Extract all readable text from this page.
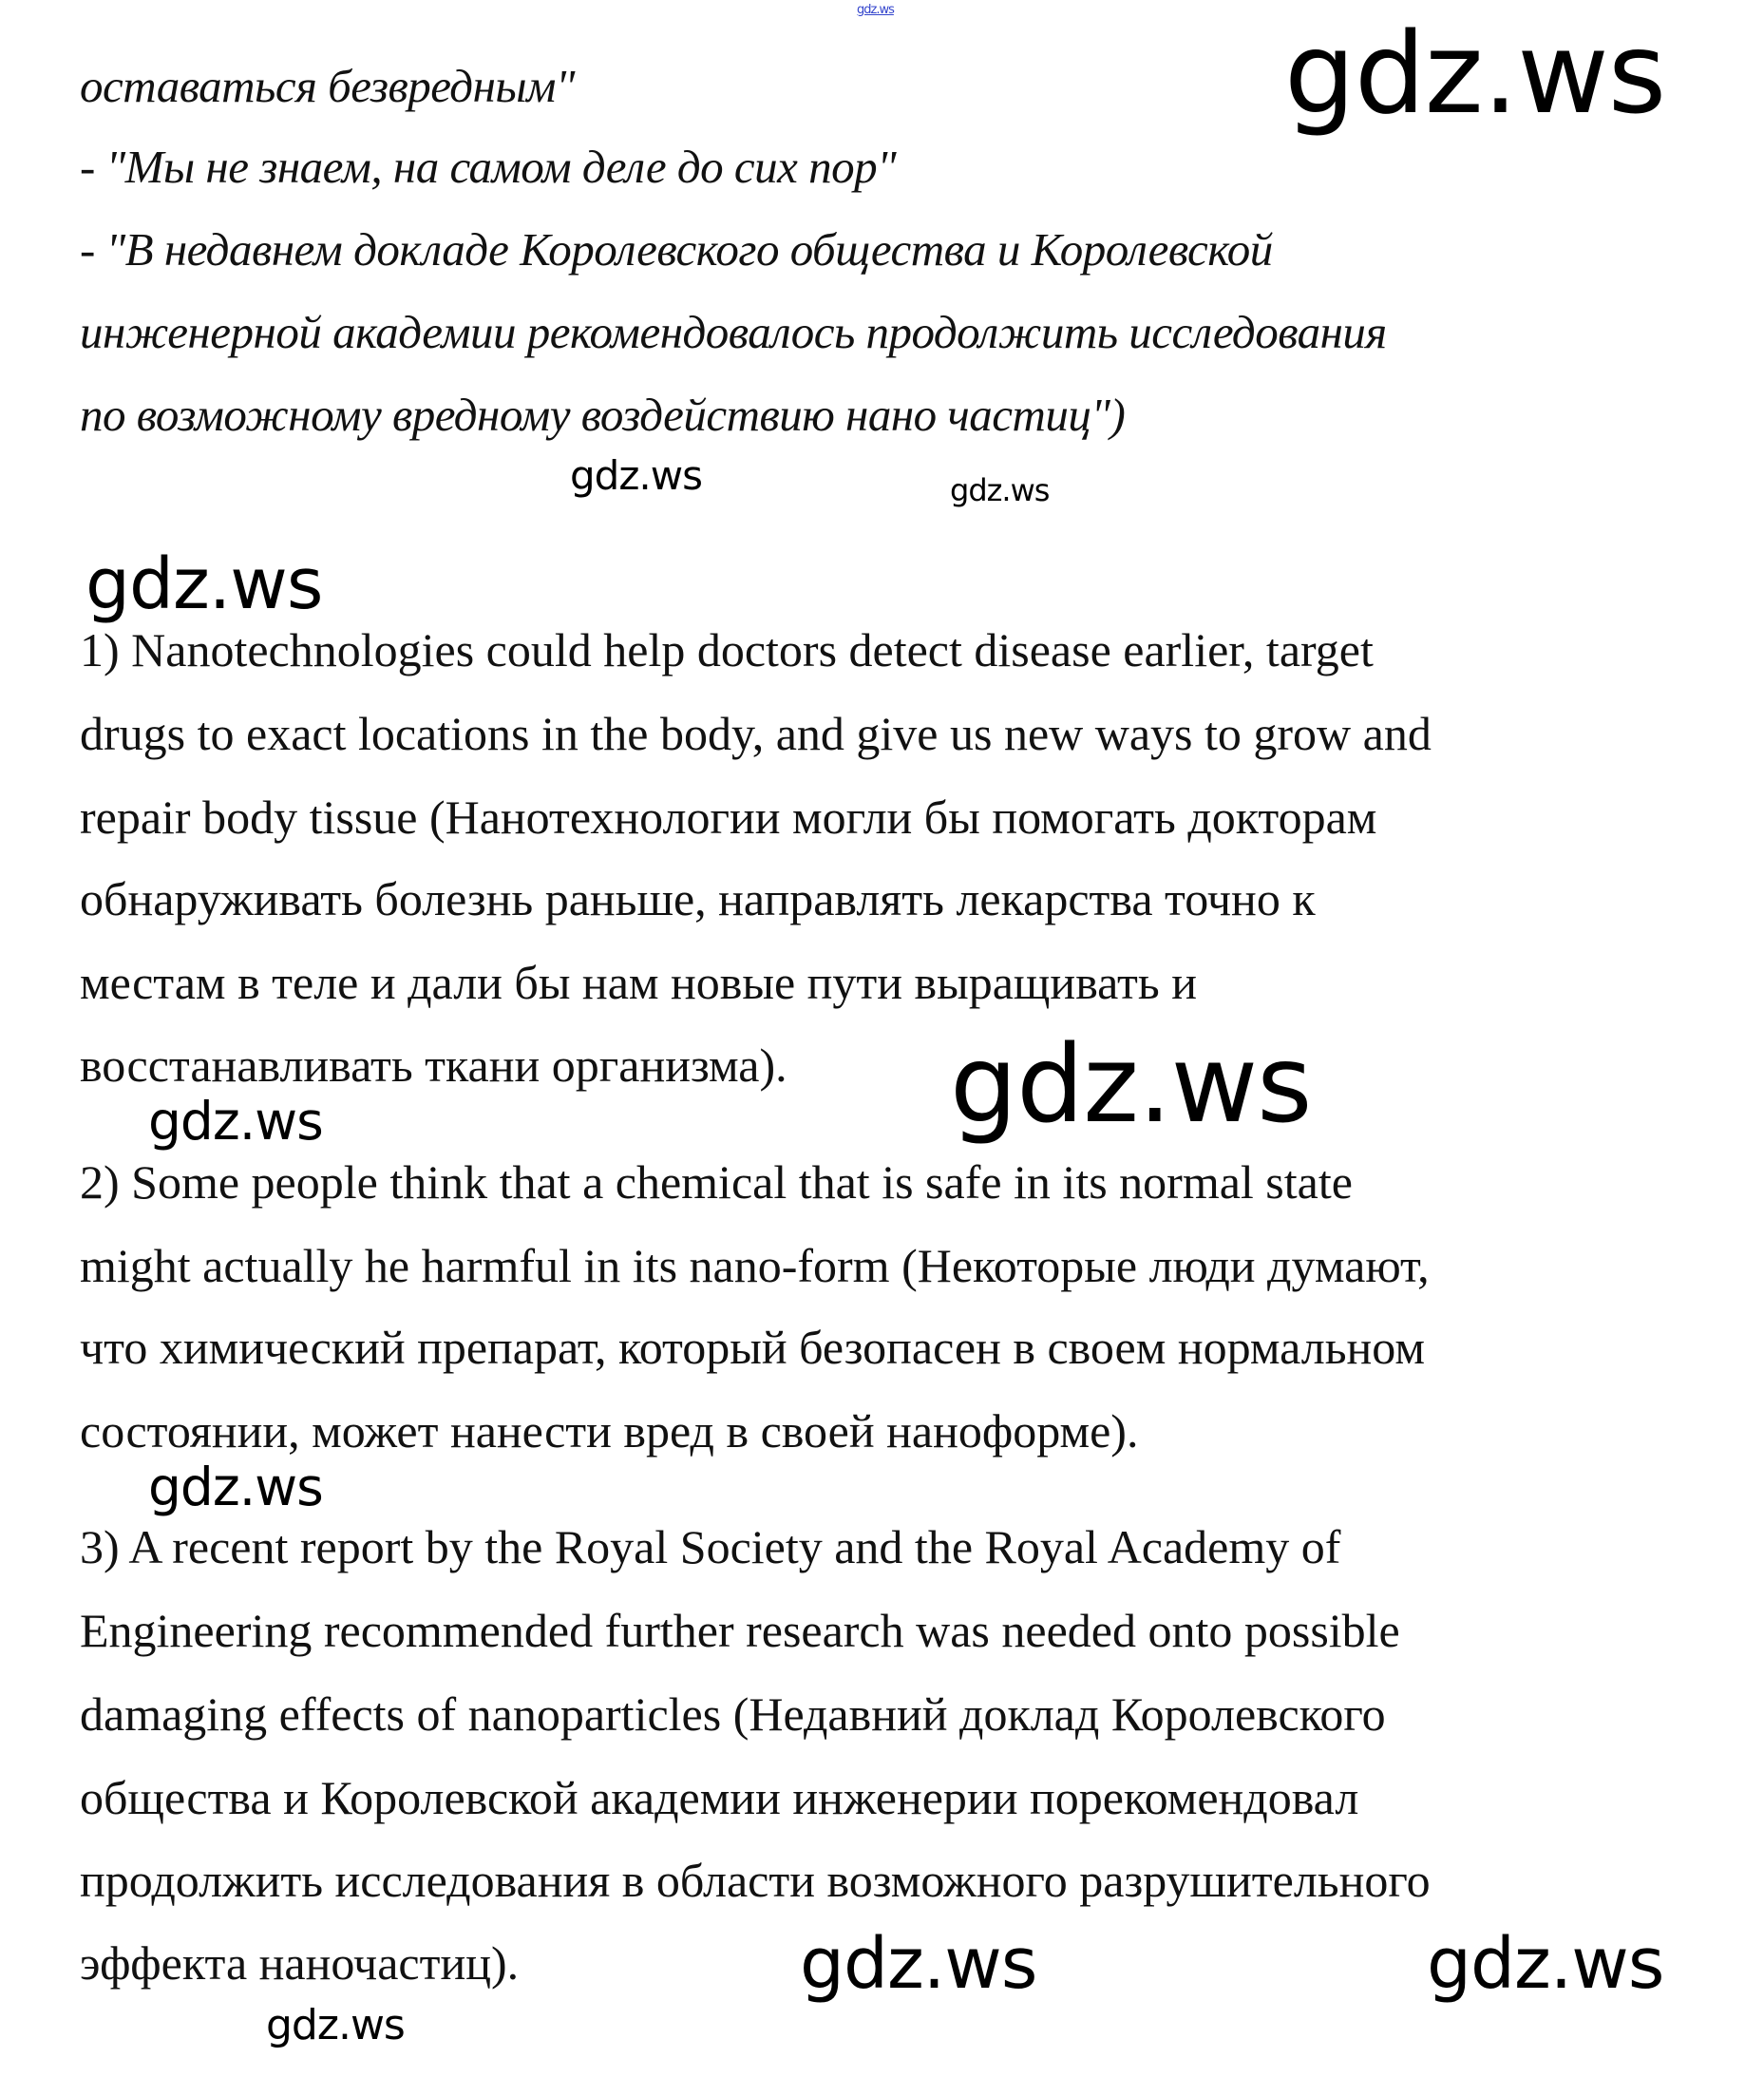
gdz.ws
оставаться безвредным"
- "Мы не знаем, на самом деле до сих пор"
- "В недавнем докладе Королевского общества и Королевской
инженерной академии рекомендовалось продолжить исследования
по возможному вредному воздействию нано частиц")
1) Nanotechnologies could help doctors detect disease earlier, target
drugs to exact locations in the body, and give us new ways to grow and
repair body tissue (Нанотехнологии могли бы помогать докторам
обнаруживать болезнь раньше, направлять лекарства точно к
местам в теле и дали бы нам новые пути выращивать и
восстанавливать ткани организма).
2) Some people think that a chemical that is safe in its normal state
might actually he harmful in its nano-form (Некоторые люди думают,
что химический препарат, который безопасен в своем нормальном
состоянии, может нанести вред в своей наноформе).
3) A recent report by the Royal Society and the Royal Academy of
Engineering recommended further research was needed onto possible
damaging effects of nanoparticles (Недавний доклад Королевского
общества и Королевской академии инженерии порекомендовал
продолжить исследования в области возможного разрушительного
эффекта наночастиц).
gdz.ws	gdz.ws
gdz.ws
gdz.ws
gdz.ws
gdz.ws
gdz.ws
gdz.ws
gdz.ws	gdz.ws
